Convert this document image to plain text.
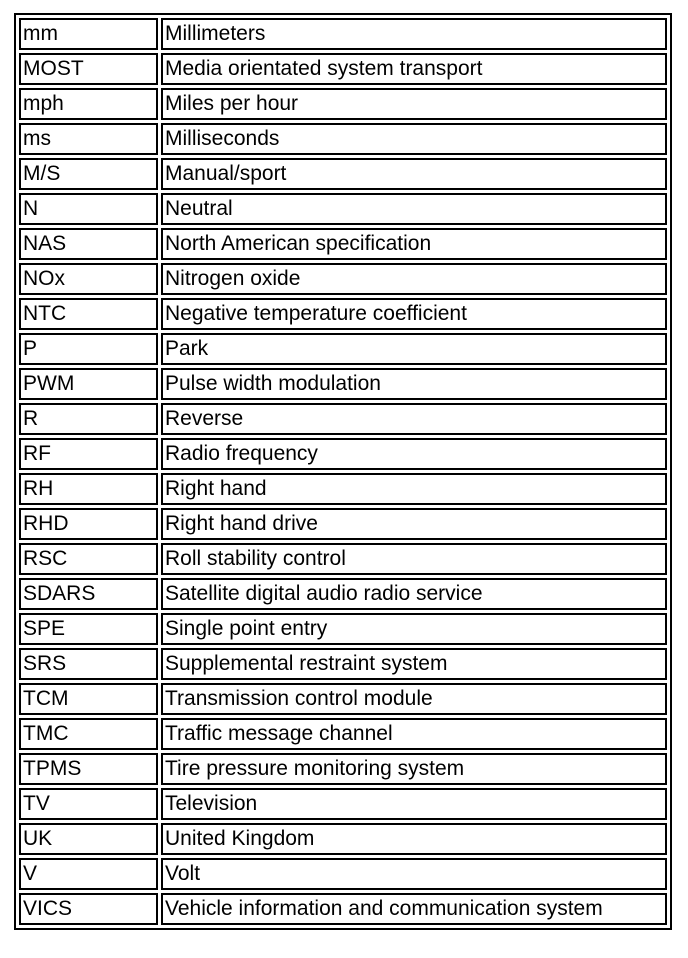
mm	Millimeters
MOST	Media orientated system transport
mph	Miles per hour
ms	Milliseconds
M/S	Manual/sport
N	Neutral
NAS	North American specification
NOx	Nitrogen oxide
NTC	Negative temperature coefficient
P	Park
PWM	Pulse width modulation
R	Reverse
RF	Radio frequency
RH	Right hand
RHD	Right hand drive
RSC	Roll stability control
SDARS	Satellite digital audio radio service
SPE	Single point entry
SRS	Supplemental restraint system
TCM	Transmission control module
TMC	Traffic message channel
TPMS	Tire pressure monitoring system
TV	Television
UK	United Kingdom
V	Volt
VICS	Vehicle information and communication system
